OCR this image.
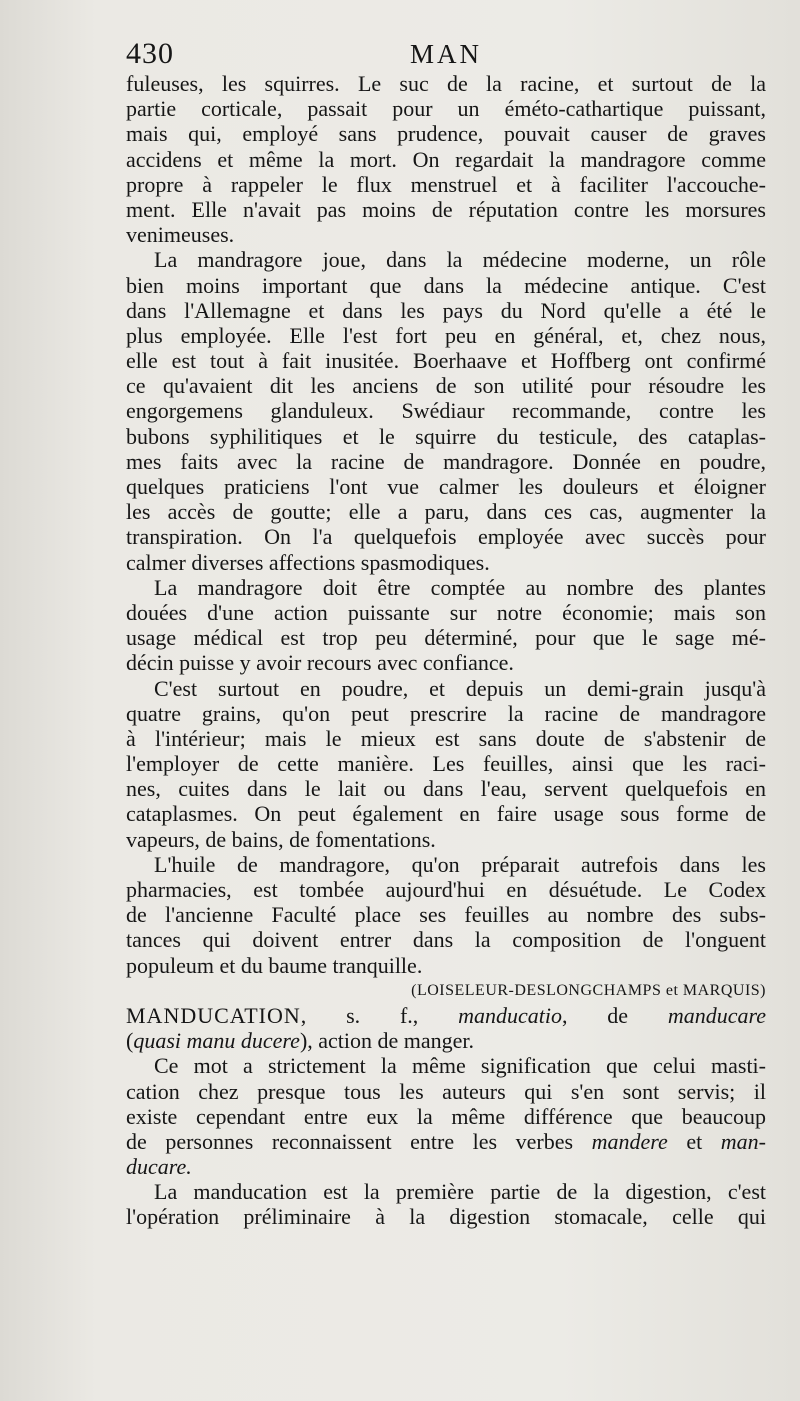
430	MAN
fuleuses, les squirres. Le suc de la racine, et surtout de la
partie corticale, passait pour un éméto-cathartique puissant,
mais qui, employé sans prudence, pouvait causer de graves
accidens et même la mort. On regardait la mandragore comme
propre à rappeler le flux menstruel et à faciliter l'accouche-
ment. Elle n'avait pas moins de réputation contre les morsures
venimeuses.
La mandragore joue, dans la médecine moderne, un rôle
bien moins important que dans la médecine antique. C'est
dans l'Allemagne et dans les pays du Nord qu'elle a été le
plus employée. Elle l'est fort peu en général, et, chez nous,
elle est tout à fait inusitée. Boerhaave et Hoffberg ont confirmé
ce qu'avaient dit les anciens de son utilité pour résoudre les
engorgemens glanduleux. Swédiaur recommande, contre les
bubons syphilitiques et le squirre du testicule, des cataplas-
mes faits avec la racine de mandragore. Donnée en poudre,
quelques praticiens l'ont vue calmer les douleurs et éloigner
les accès de goutte; elle a paru, dans ces cas, augmenter la
transpiration. On l'a quelquefois employée avec succès pour
calmer diverses affections spasmodiques.
La mandragore doit être comptée au nombre des plantes
douées d'une action puissante sur notre économie; mais son
usage médical est trop peu déterminé, pour que le sage mé-
décin puisse y avoir recours avec confiance.
C'est surtout en poudre, et depuis un demi-grain jusqu'à
quatre grains, qu'on peut prescrire la racine de mandragore
à l'intérieur; mais le mieux est sans doute de s'abstenir de
l'employer de cette manière. Les feuilles, ainsi que les raci-
nes, cuites dans le lait ou dans l'eau, servent quelquefois en
cataplasmes. On peut également en faire usage sous forme de
vapeurs, de bains, de fomentations.
L'huile de mandragore, qu'on préparait autrefois dans les
pharmacies, est tombée aujourd'hui en désuétude. Le Codex
de l'ancienne Faculté place ses feuilles au nombre des subs-
tances qui doivent entrer dans la composition de l'onguent
populeum et du baume tranquille.
(LOISELEUR-DESLONGCHAMPS et MARQUIS)
MANDUCATION, s. f., manducatio, de manducare
(quasi manu ducere), action de manger.
Ce mot a strictement la même signification que celui masti-
cation chez presque tous les auteurs qui s'en sont servis; il
existe cependant entre eux la même différence que beaucoup
de personnes reconnaissent entre les verbes mandere et man-
ducare.
La manducation est la première partie de la digestion, c'est
l'opération préliminaire à la digestion stomacale, celle qui
